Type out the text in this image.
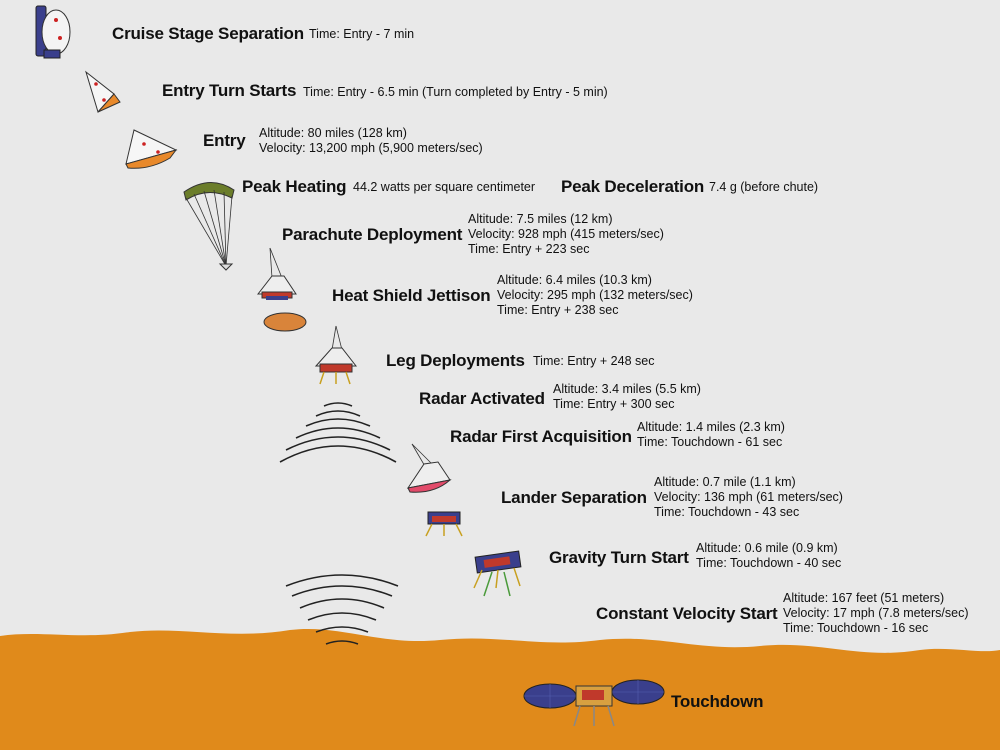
Cruise Stage Separation Time: Entry - 7 min
Entry Turn Starts Time: Entry - 6.5 min (Turn completed by Entry - 5 min)
Entry Altitude: 80 miles (128 km)
Velocity: 13,200 mph (5,900 meters/sec)
Peak Heating 44.2 watts per square centimeter Peak Deceleration 7.4 g (before chute)
Parachute Deployment
Altitude: 7.5 miles (12 km)
Velocity: 928 mph (415 meters/sec)
Time: Entry + 223 sec
Heat Shield Jettison
Altitude: 6.4 miles (10.3 km)
Velocity: 295 mph (132 meters/sec)
Time: Entry + 238 sec
Leg Deployments Time: Entry + 248 sec
Radar Activated Altitude: 3.4 miles (5.5 km)
Time: Entry + 300 sec
Radar First Acquisition Altitude: 1.4 miles (2.3 km)
Time: Touchdown - 61 sec
Lander Separation
Altitude: 0.7 mile (1.1 km)
Velocity: 136 mph (61 meters/sec)
Time: Touchdown - 43 sec
Gravity Turn Start Altitude: 0.6 mile (0.9 km)
Time: Touchdown - 40 sec
Constant Velocity Start
Altitude: 167 feet (51 meters)
Velocity: 17 mph (7.8 meters/sec)
Time: Touchdown - 16 sec
Touchdown
